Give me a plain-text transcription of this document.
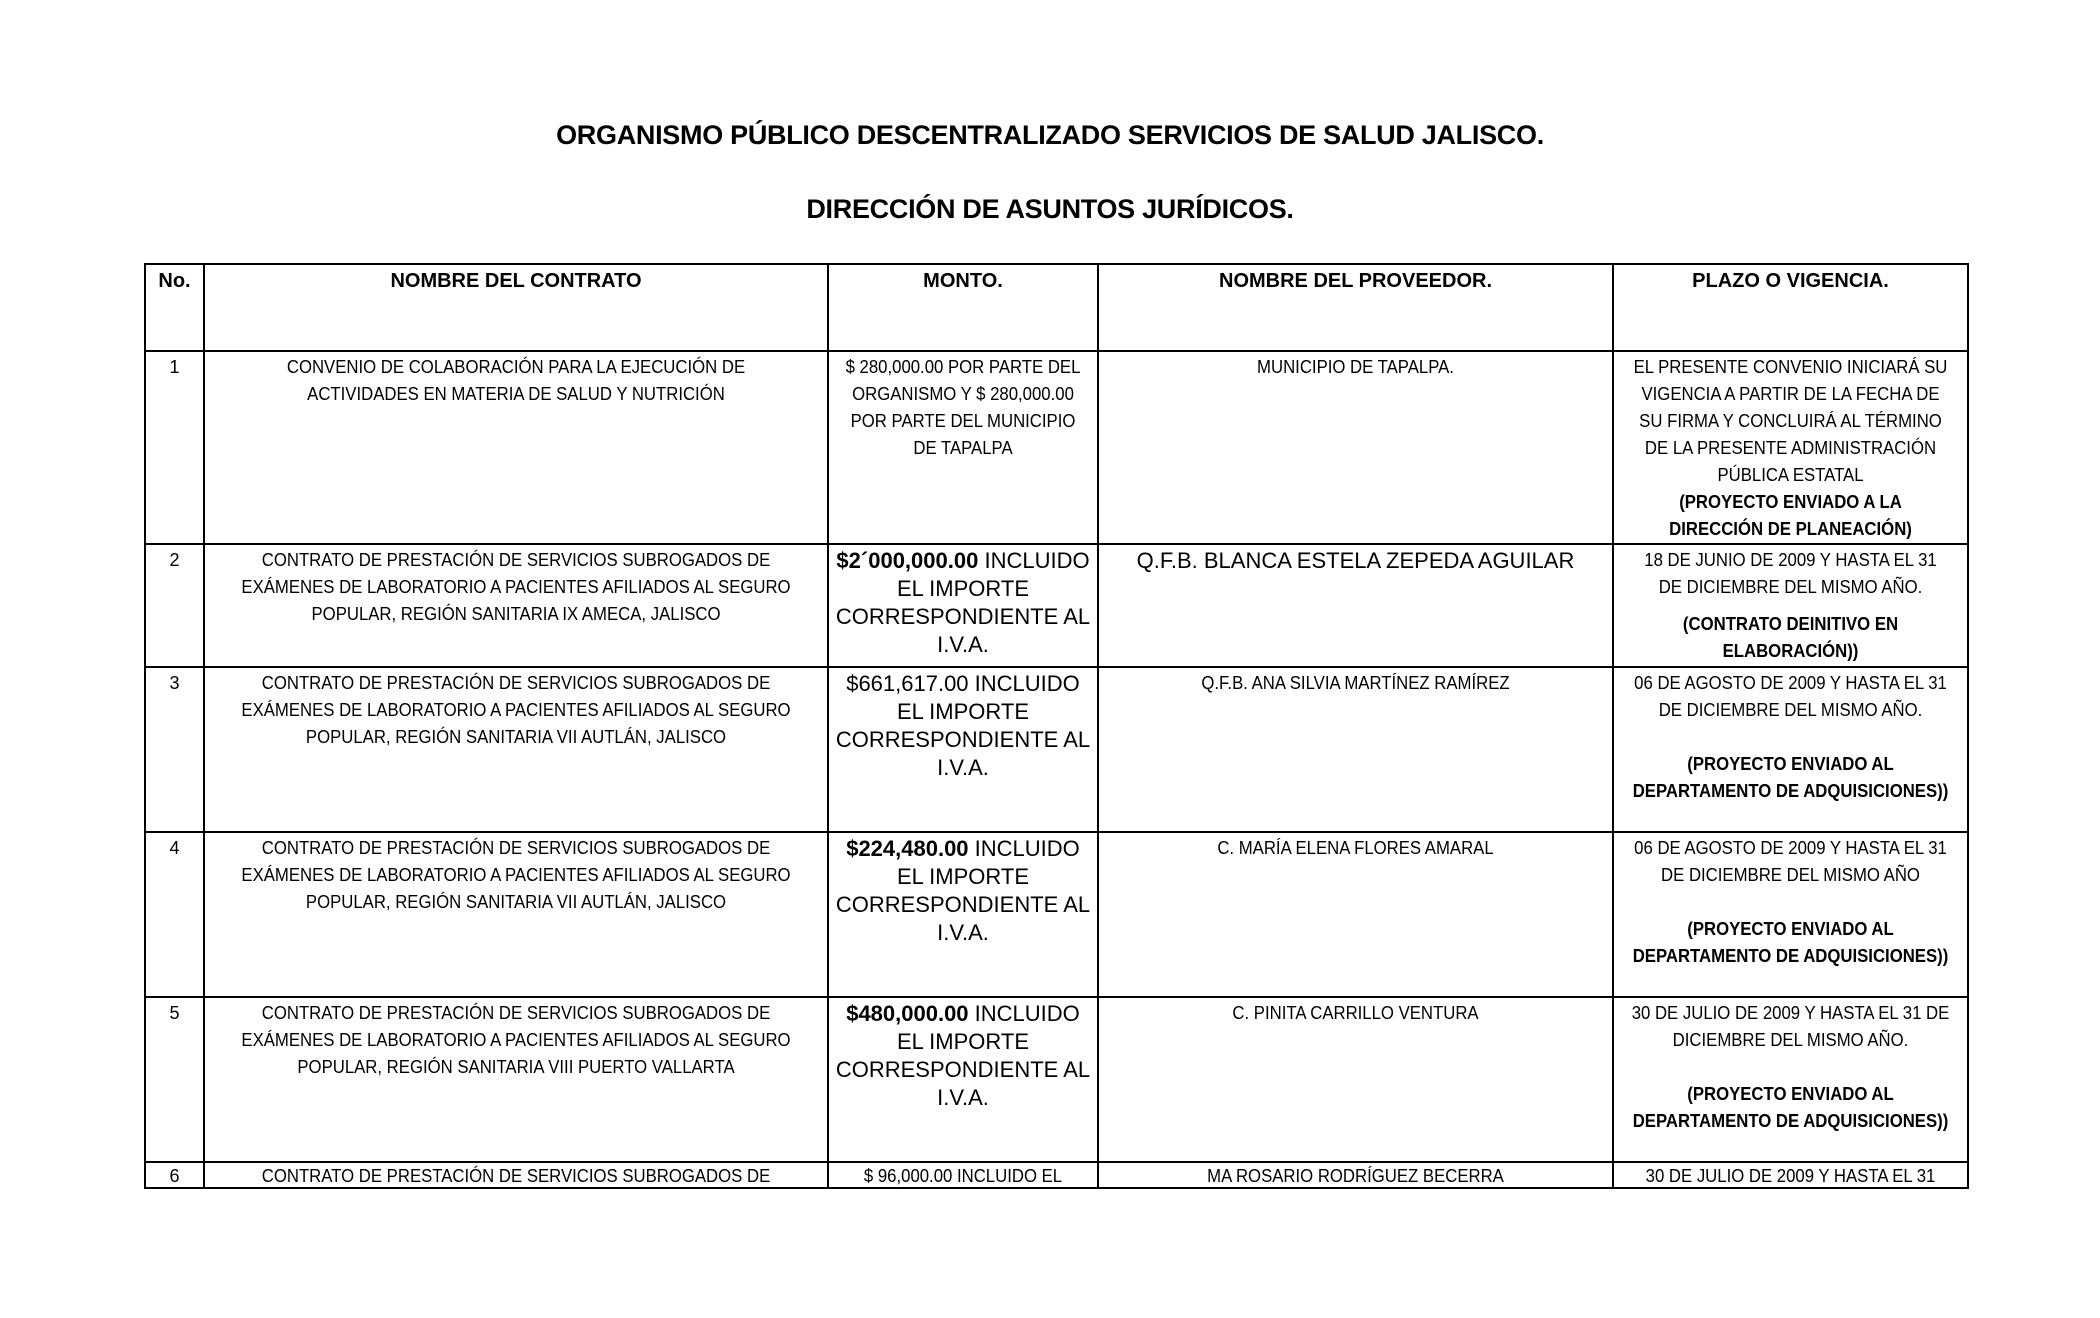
ORGANISMO PÚBLICO DESCENTRALIZADO SERVICIOS DE SALUD JALISCO.
DIRECCIÓN DE ASUNTOS JURÍDICOS.
No.	NOMBRE DEL CONTRATO	MONTO.	NOMBRE DEL PROVEEDOR.	PLAZO O VIGENCIA.
1	CONVENIO DE COLABORACIÓN PARA LA EJECUCIÓN DE ACTIVIDADES EN MATERIA DE SALUD Y NUTRICIÓN	$ 280,000.00 POR PARTE DEL ORGANISMO Y $ 280,000.00 POR PARTE DEL MUNICIPIO DE TAPALPA	MUNICIPIO DE TAPALPA.	EL PRESENTE CONVENIO INICIARÁ SU VIGENCIA A PARTIR DE LA FECHA DE SU FIRMA Y CONCLUIRÁ AL TÉRMINO DE LA PRESENTE ADMINISTRACIÓN PÚBLICA ESTATAL
(PROYECTO ENVIADO A LA DIRECCIÓN DE PLANEACIÓN)

2	CONTRATO DE PRESTACIÓN DE SERVICIOS SUBROGADOS DE EXÁMENES DE LABORATORIO A PACIENTES AFILIADOS AL SEGURO POPULAR, REGIÓN SANITARIA IX AMECA, JALISCO	$2´000,000.00 INCLUIDO EL IMPORTE CORRESPONDIENTE AL I.V.A.	Q.F.B. BLANCA ESTELA ZEPEDA AGUILAR	18 DE JUNIO DE 2009 Y HASTA EL 31 DE DICIEMBRE DEL MISMO AÑO.
(CONTRATO DEINITIVO EN ELABORACIÓN))

3	CONTRATO DE PRESTACIÓN DE SERVICIOS SUBROGADOS DE EXÁMENES DE LABORATORIO A PACIENTES AFILIADOS AL SEGURO POPULAR, REGIÓN SANITARIA VII AUTLÁN, JALISCO	$661,617.00 INCLUIDO EL IMPORTE CORRESPONDIENTE AL I.V.A.	Q.F.B. ANA SILVIA MARTÍNEZ RAMÍREZ	06 DE AGOSTO DE 2009 Y HASTA EL 31 DE DICIEMBRE DEL MISMO AÑO.
(PROYECTO ENVIADO AL DEPARTAMENTO DE ADQUISICIONES))

4	CONTRATO DE PRESTACIÓN DE SERVICIOS SUBROGADOS DE EXÁMENES DE LABORATORIO A PACIENTES AFILIADOS AL SEGURO POPULAR, REGIÓN SANITARIA VII AUTLÁN, JALISCO	$224,480.00 INCLUIDO EL IMPORTE CORRESPONDIENTE AL I.V.A.	C. MARÍA ELENA FLORES AMARAL	06 DE AGOSTO DE 2009 Y HASTA EL 31 DE DICIEMBRE DEL MISMO AÑO
(PROYECTO ENVIADO AL DEPARTAMENTO DE ADQUISICIONES))

5	CONTRATO DE PRESTACIÓN DE SERVICIOS SUBROGADOS DE EXÁMENES DE LABORATORIO A PACIENTES AFILIADOS AL SEGURO POPULAR, REGIÓN SANITARIA VIII PUERTO VALLARTA	$480,000.00 INCLUIDO EL IMPORTE CORRESPONDIENTE AL I.V.A.	C. PINITA CARRILLO VENTURA	30 DE JULIO DE 2009 Y HASTA EL 31 DE DICIEMBRE DEL MISMO AÑO.
(PROYECTO ENVIADO AL DEPARTAMENTO DE ADQUISICIONES))

6	CONTRATO DE PRESTACIÓN DE SERVICIOS SUBROGADOS DE	$ 96,000.00 INCLUIDO EL	MA ROSARIO RODRÍGUEZ BECERRA	30 DE JULIO DE 2009 Y HASTA EL 31
